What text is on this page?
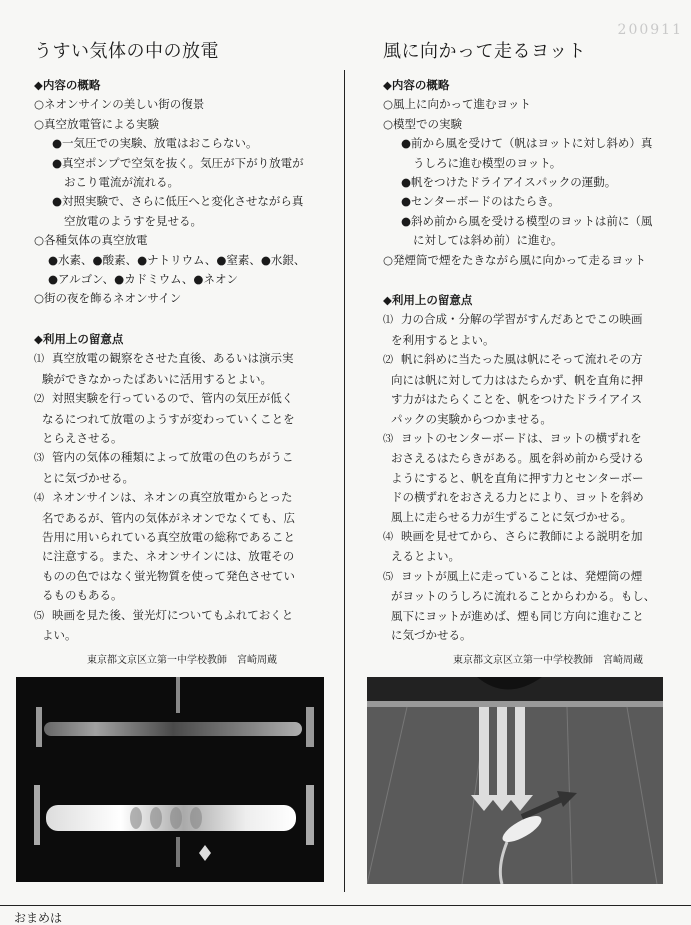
200911
うすい気体の中の放電
◆内容の概略
○ネオンサインの美しい街の復景
○真空放電管による実験
●一気圧での実験、放電はおこらない。
●真空ポンプで空気を抜く。気圧が下がり放電が
おこり電流が流れる。
●対照実験で、さらに低圧へと変化させながら真
空放電のようすを見せる。
○各種気体の真空放電
●水素、●酸素、●ナトリウム、●窒素、●水銀、
●アルゴン、●カドミウム、●ネオン
○街の夜を飾るネオンサイン
◆利用上の留意点
⑴ 真空放電の観察をさせた直後、あるいは演示実
験ができなかったばあいに活用するとよい。
⑵ 対照実験を行っているので、管内の気圧が低く
なるにつれて放電のようすが変わっていくことを
とらえさせる。
⑶ 管内の気体の種類によって放電の色のちがうこ
とに気づかせる。
⑷ ネオンサインは、ネオンの真空放電からとった
名であるが、管内の気体がネオンでなくても、広
告用に用いられている真空放電の総称であること
に注意する。また、ネオンサインには、放電その
ものの色ではなく蛍光物質を使って発色させてい
るものもある。
⑸ 映画を見た後、蛍光灯についてもふれておくと
よい。
風に向かって走るヨット
◆内容の概略
○風上に向かって進むヨット
○模型での実験
●前から風を受けて（帆はヨットに対し斜め）真
うしろに進む模型のヨット。
●帆をつけたドライアイスパックの運動。
●センターボードのはたらき。
●斜め前から風を受ける模型のヨットは前に（風
に対しては斜め前）に進む。
○発煙筒で煙をたきながら風に向かって走るヨット
◆利用上の留意点
⑴ 力の合成・分解の学習がすんだあとでこの映画
を利用するとよい。
⑵ 帆に斜めに当たった風は帆にそって流れその方
向には帆に対して力ははたらかず、帆を直角に押
す力がはたらくことを、帆をつけたドライアイス
パックの実験からつかませる。
⑶ ヨットのセンターボードは、ヨットの横ずれを
おさえるはたらきがある。風を斜め前から受ける
ようにすると、帆を直角に押す力とセンターボー
ドの横ずれをおさえる力とにより、ヨットを斜め
風上に走らせる力が生ずることに気づかせる。
⑷ 映画を見せてから、さらに教師による説明を加
えるとよい。
⑸ ヨットが風上に走っていることは、発煙筒の煙
がヨットのうしろに流れることからわかる。もし、
風下にヨットが進めば、煙も同じ方向に進むこと
に気づかせる。
東京都文京区立第一中学校教師　宮崎周蔵	東京都文京区立第一中学校教師　宮崎周蔵
おまめは
